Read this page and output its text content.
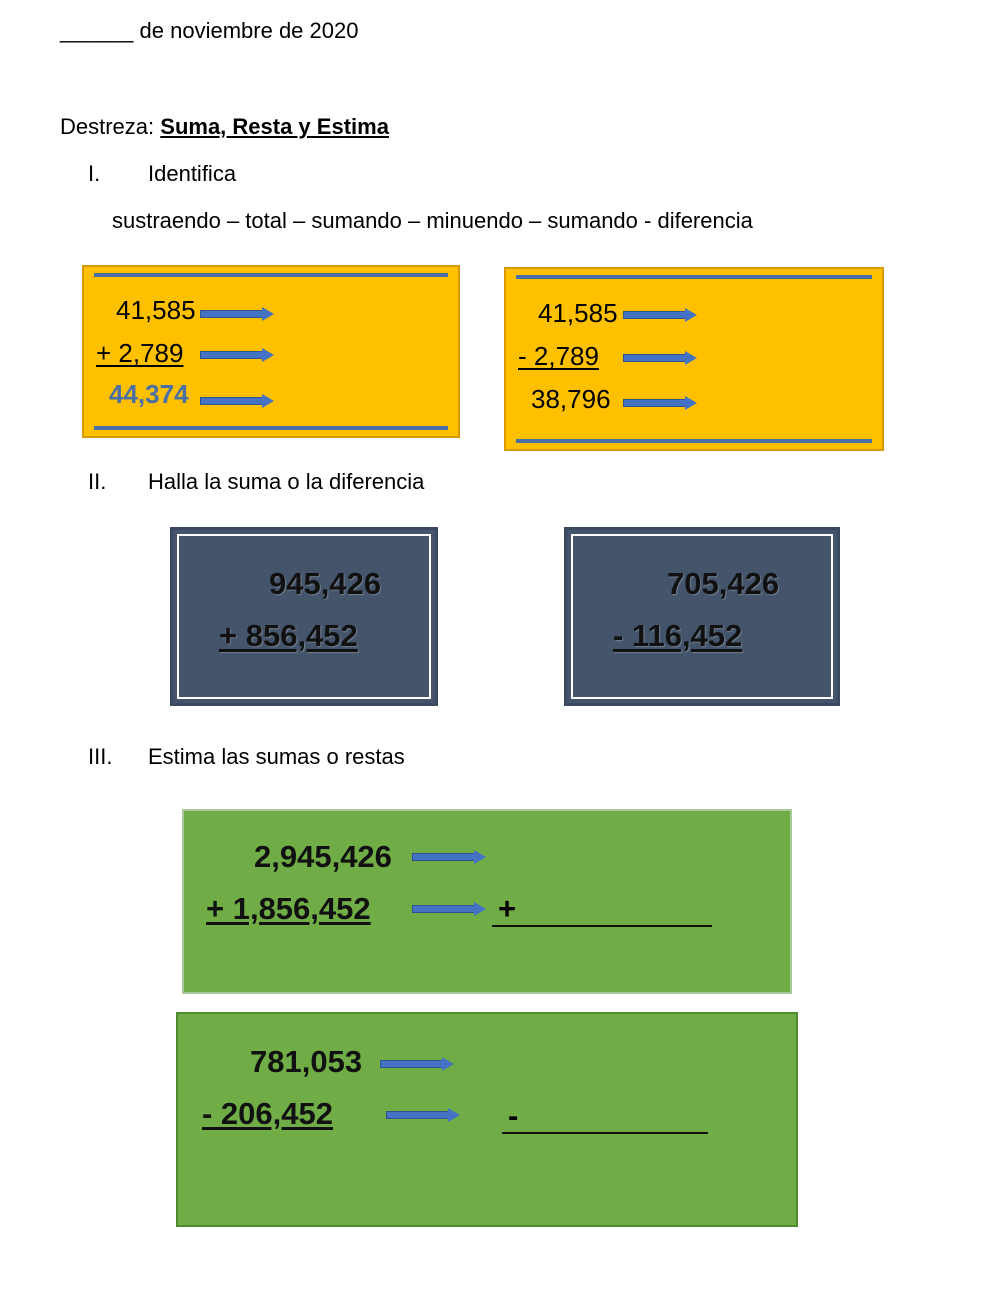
______ de noviembre de 2020
Destreza: Suma, Resta y Estima
I. Identifica
sustraendo – total – sumando – minuendo – sumando - diferencia
41,585
+ 2,789
44,374
41,585
- 2,789
38,796
II. Halla la suma o la diferencia
945,426
+ 856,452
705,426
- 116,452
III. Estima las sumas o restas
2,945,426
+ 1,856,452	+
781,053
- 206,452	-
